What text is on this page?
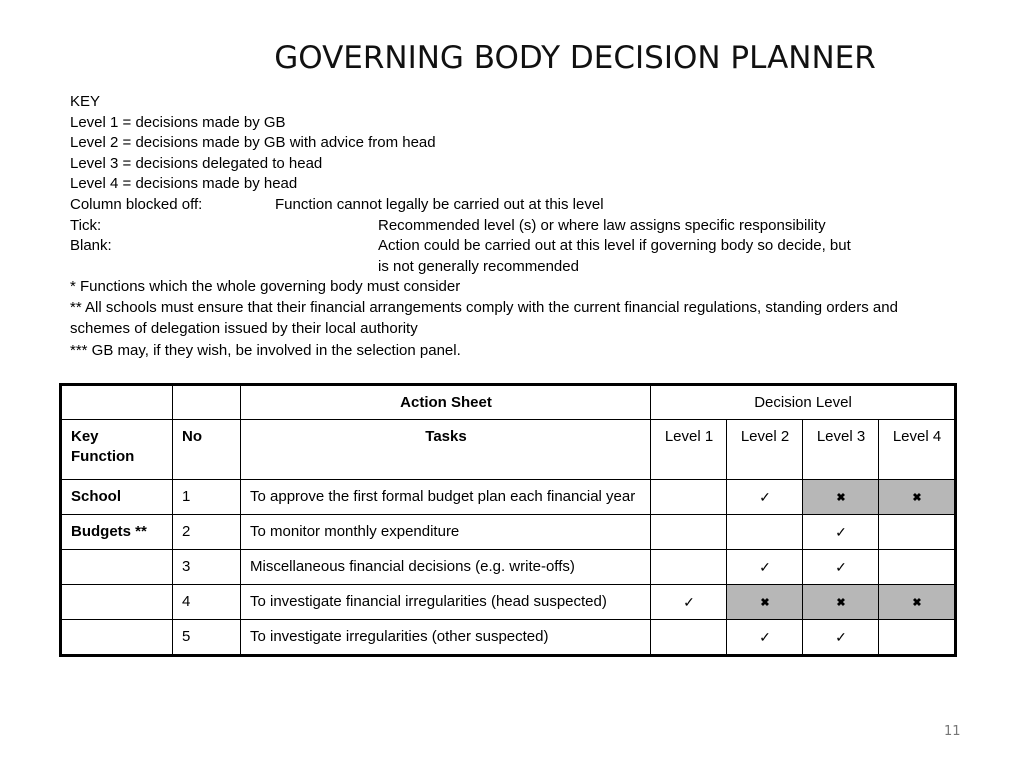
GOVERNING BODY DECISION PLANNER
KEY
Level 1 = decisions made by GB
Level 2 = decisions made by GB with advice from head
Level 3 = decisions delegated to head
Level 4 = decisions made by head
Column blocked off:	Function cannot legally be carried out at this level
Tick:	Recommended level (s) or where law assigns specific responsibility
Blank:	Action could be carried out at this level if governing body so decide, but
is not generally recommended
* Functions which the whole governing body must consider
** All schools must ensure that their financial arrangements comply with the current financial regulations, standing orders and schemes of delegation issued by their local authority
*** GB may, if they wish, be involved in the selection panel.
		Action Sheet	Decision Level			
Key Function	No	Tasks	Level 1	Level 2	Level 3	Level 4
School	1	To approve the first formal budget plan each financial year		✓	✖	✖
Budgets **	2	To monitor monthly expenditure			✓	
	3	Miscellaneous financial decisions (e.g. write-offs)		✓	✓	
	4	To investigate financial irregularities (head suspected)	✓	✖	✖	✖
	5	To investigate irregularities (other suspected)		✓	✓	
11
